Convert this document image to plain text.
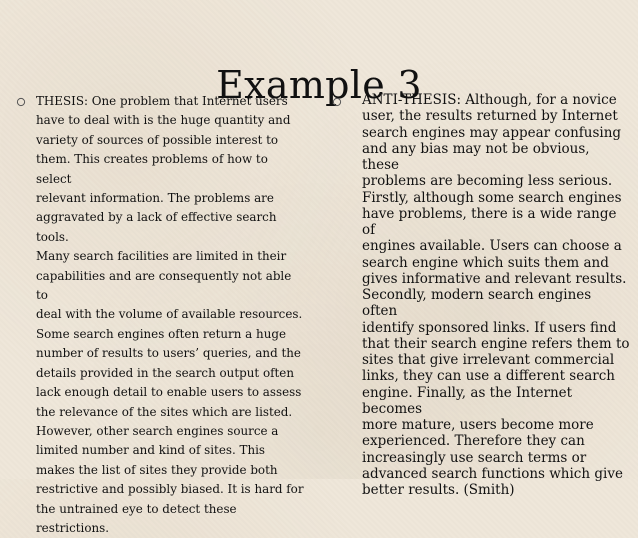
Example 3

THESIS: One problem that Internet users
have to deal with is the huge quantity and
variety of sources of possible interest to
them. This creates problems of how to select
relevant information. The problems are
aggravated by a lack of effective search tools.
Many search facilities are limited in their
capabilities and are consequently not able to
deal with the volume of available resources.
Some search engines often return a huge
number of results to users’ queries, and the
details provided in the search output often
lack enough detail to enable users to assess
the relevance of the sites which are listed.
However, other search engines source a
limited number and kind of sites. This
makes the list of sites they provide both
restrictive and possibly biased. It is hard for
the untrained eye to detect these
restrictions.

ANTI-THESIS: Although, for a novice
user, the results returned by Internet
search engines may appear confusing
and any bias may not be obvious, these
problems are becoming less serious.
Firstly, although some search engines
have problems, there is a wide range of
engines available. Users can choose a
search engine which suits them and
gives informative and relevant results.
Secondly, modern search engines often
identify sponsored links. If users find
that their search engine refers them to
sites that give irrelevant commercial
links, they can use a different search
engine. Finally, as the Internet becomes
more mature, users become more
experienced. Therefore they can
increasingly use search terms or
advanced search functions which give
better results. (Smith)
